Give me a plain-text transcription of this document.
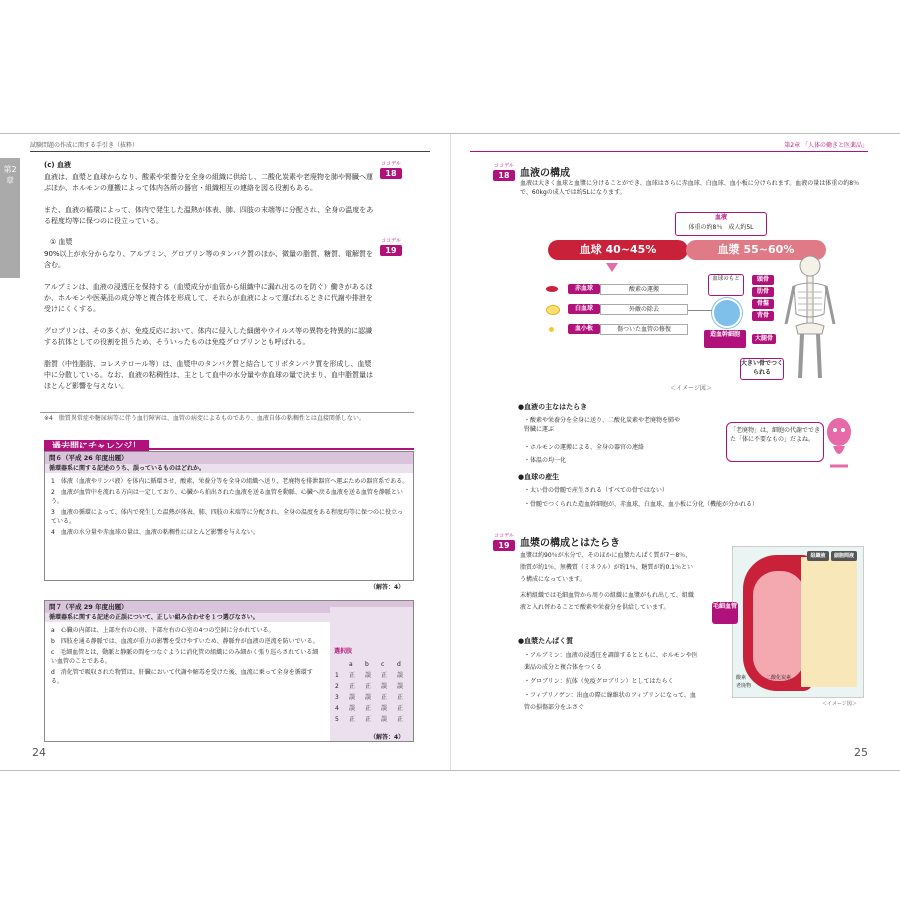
試験問題の作成に関する手引き（抜粋）
第2章
(c) 血液	ココデル
18
血液は、血漿と血球からなり、酸素や栄養分を全身の組織に供給し、二酸化炭素や老廃物を肺や腎臓へ運ぶほか、ホルモンの運搬によって体内各所の器官・組織相互の連絡を図る役割もある。
また、血液の循環によって、体内で発生した温熱が体表、肺、四肢の末端等に分配され、全身の温度をある程度均等に保つのに役立っている。
① 血漿	ココデル
19
90%以上が水分からなり、アルブミン、グロブリン等のタンパク質のほか、微量の脂質、糖質、電解質を含む。
アルブミンは、血液の浸透圧を保持する（血漿成分が血管から組織中に漏れ出るのを防ぐ）働きがあるほか、ホルモンや医薬品の成分等と複合体を形成して、それらが血液によって運ばれるときに代謝や排泄を受けにくくする。
グロブリンは、その多くが、免疫反応において、体内に侵入した細菌やウイルス等の異物を特異的に認識する抗体としての役割を担うため、そういったものは免疫グロブリンとも呼ばれる。
脂質（中性脂肪、コレステロール等）は、血漿中のタンパク質と結合してリポタンパク質を形成し、血漿中に分散している。なお、血液の粘稠性は、主として血中の水分量や赤血球の量で決まり、血中脂質量はほとんど影響を与えない。
※4　脂質異常症や糖尿病等に伴う血行障害は、血管の病変によるものであり、血液自体の粘稠性とは直接関係しない。
過去問にチャレンジ！
問６（平成 26 年度出題）
循環器系に関する記述のうち、誤っているものはどれか。
1　体液（血液やリンパ液）を体内に循環させ、酸素、栄養分等を全身の組織へ送り、老廃物を排泄器官へ運ぶための器官系である。
2　血液が血管中を流れる方向は一定しており、心臓から拍出された血液を送る血管を動脈、心臓へ戻る血液を送る血管を静脈という。
3　血液の循環によって、体内で発生した温熱が体表、肺、四肢の末端等に分配され、全身の温度をある程度均等に保つのに役立っている。
4　血液の水分量や赤血球の量は、血液の粘稠性にほとんど影響を与えない。
（解答：4）
問７（平成 29 年度出題）
循環器系に関する記述の正誤について、正しい組み合わせを１つ選びなさい。
a　心臓の内部は、上部左右の心房、下部左右の心室の4つの空洞に分かれている。
b　四肢を通る静脈では、血流が重力の影響を受けやすいため、静脈弁が血液の逆流を防いでいる。
c　毛細血管とは、動脈と静脈の間をつなぐように消化管の組織にのみ細かく張り巡らされている細い血管のことである。
d　消化管で吸収された物質は、肝臓において代謝や解毒を受けた後、血流に乗って全身を循環する。
選択肢
	a	b	c	d
1	正	誤	正	誤
2	正	正	誤	誤
3	誤	誤	正	正
4	誤	正	誤	正
5	正	正	誤	正
（解答：4）
24
第2章 「人体の働きと医薬品」
ココデル
18	血液の構成
血液は大きく血球と血漿に分けることができ、血球はさらに赤血球、白血球、血小板に分けられます。血液の量は体重の約8％で、60kgの成人では約5Lになります。
血液
体重の約8％　成人約5L
血球 40~45%	血漿 55~60%
赤血球	酸素の運搬
白血球	外敵の除去
血小板	傷ついた血管の修復
血球のもと
造血幹細胞
頭骨
肋骨
骨盤
背骨
大腿骨
大きい骨でつくられる
＜イメージ図＞
●血液の主なはたらき
・酸素や栄養分を全身に送り、二酸化炭素や老廃物を肺や腎臓に運ぶ
・ホルモンの運搬による、全身の器官の連絡
・体温の均一化
「老廃物」は、細胞の代謝でできた「体に不要なもの」だよね。
●血球の産生
・太い骨の骨髄で産生される（すべての骨ではない）
・骨髄でつくられた造血幹細胞が、赤血球、白血球、血小板に分化（機能が分かれる）
ココデル
19	血漿の構成とはたらき
血漿は約90％が水分で、そのほかに血漿たんぱく質が7～8％、脂質が約1％、無機質（ミネラル）が約1％、糖質が約0.1％という構成になっています。
末梢組織では毛細血管から周りの組織に血漿がもれ出して、組織液と入れ替わることで酸素や栄養分を供給しています。
●血漿たんぱく質
・アルブミン：血液の浸透圧を調節するとともに、ホルモンや医薬品の成分と複合体をつくる
・グロブリン：抗体（免疫グロブリン）としてはたらく
・フィブリノゲン：出血の際に線維状のフィブリンになって、血管の損傷部分をふさぐ
組織液	細胞間液
毛細血管
酸素	二酸化炭素
老廃物
＜イメージ図＞
25
